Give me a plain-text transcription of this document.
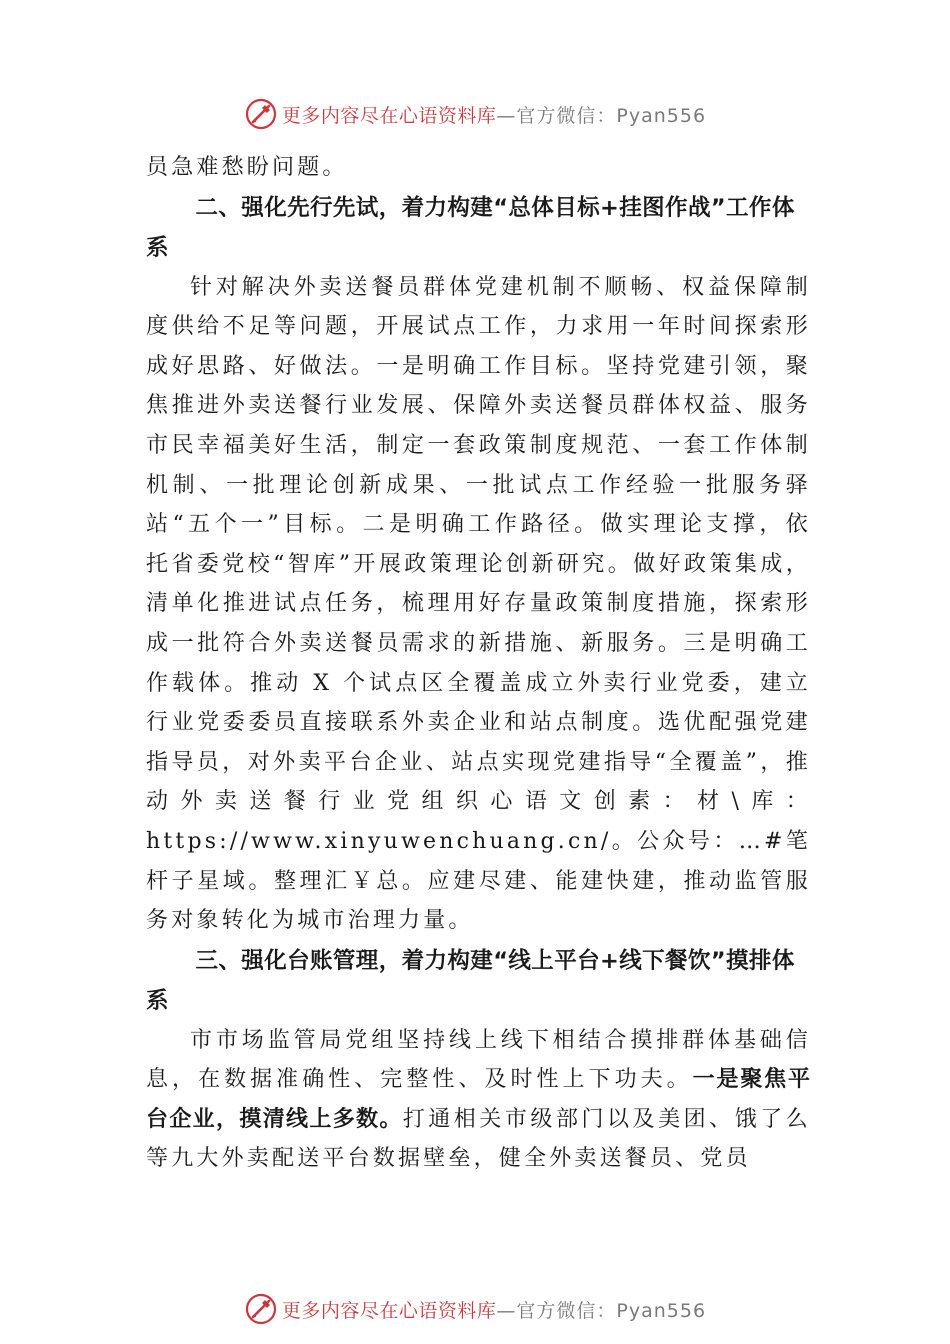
更多内容尽在心语资料库 —官方微信：Pyan556

员急难愁盼问题。

二、强化先行先试，着力构建“总体目标+挂图作战”工作体系

针对解决外卖送餐员群体党建机制不顺畅、权益保障制度供给不足等问题，开展试点工作，力求用一年时间探索形成好思路、好做法。一是明确工作目标。坚持党建引领，聚焦推进外卖送餐行业发展、保障外卖送餐员群体权益、服务市民幸福美好生活，制定一套政策制度规范、一套工作体制机制、一批理论创新成果、一批试点工作经验一批服务驿站“五个一”目标。二是明确工作路径。做实理论支撑，依 托省委党校“智库”开展政策理论创新研究。做好政策集成， 清单化推进试点任务，梳理用好存量政策制度措施，探索形成一批符合外卖送餐员需求的新措施、新服务。三是明确工作载体。推动 X 个试点区全覆盖成立外卖行业党委，建立行业党委委员直接联系外卖企业和站点制度。选优配强党建指导员，对外卖平台企业、站点实现党建指导“全覆盖”，推动外卖送餐行业党组织心语文创素：材\库：https://www.xinyuwenchuang.cn/。公众号：…#笔杆子星域。整理汇￥总。应建尽建、能建快建，推动监管服务对象转化为城市治理力量。

三、强化台账管理，着力构建“线上平台+线下餐饮”摸排体系

市市场监管局党组坚持线上线下相结合摸排群体基础信息，在数据准确性、完整性、及时性上下功夫。一是聚焦平台企业，摸清线上多数。打通相关市级部门以及美团、饿了么等九大外卖配送平台数据壁垒，健全外卖送餐员、党员

更多内容尽在心语资料库 —官方微信：Pyan556
